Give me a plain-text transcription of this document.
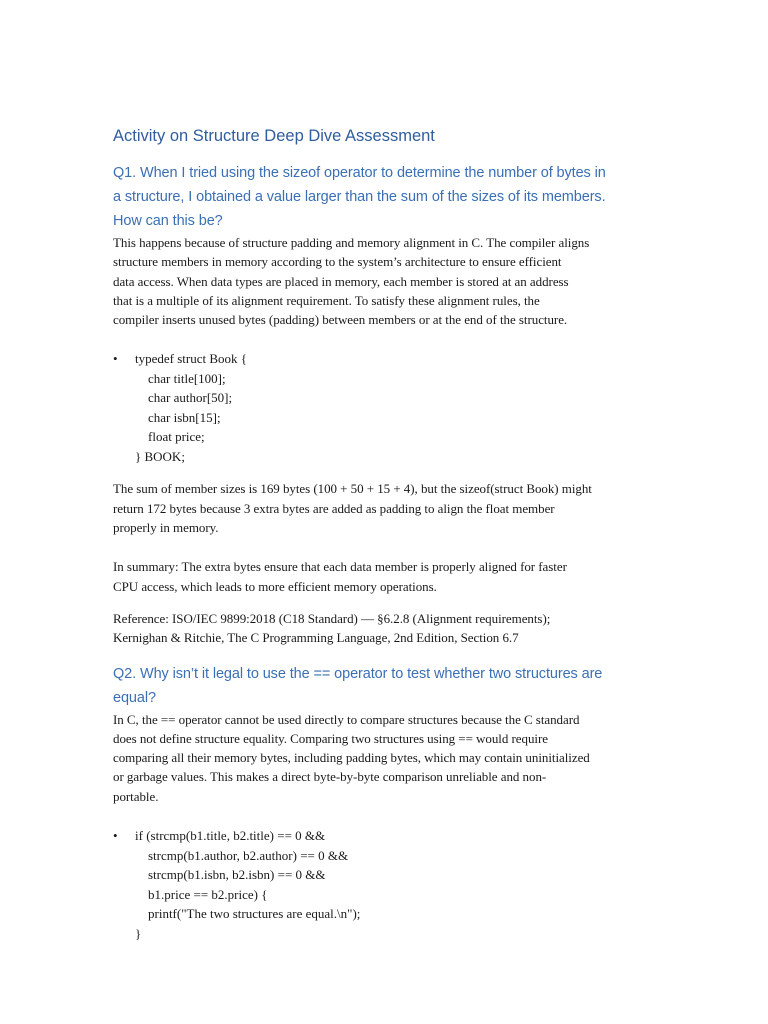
Activity on Structure Deep Dive Assessment
Q1. When I tried using the sizeof operator to determine the number of bytes in
a structure, I obtained a value larger than the sum of the sizes of its members.
How can this be?

This happens because of structure padding and memory alignment in C. The compiler aligns
structure members in memory according to the system’s architecture to ensure efficient
data access. When data types are placed in memory, each member is stored at an address
that is a multiple of its alignment requirement. To satisfy these alignment rules, the
compiler inserts unused bytes (padding) between members or at the end of the structure.

• typedef struct Book {
char title[100];
char author[50];
char isbn[15];
float price;
} BOOK;

The sum of member sizes is 169 bytes (100 + 50 + 15 + 4), but the sizeof(struct Book) might
return 172 bytes because 3 extra bytes are added as padding to align the float member
properly in memory.

In summary: The extra bytes ensure that each data member is properly aligned for faster
CPU access, which leads to more efficient memory operations.

Reference: ISO/IEC 9899:2018 (C18 Standard) — §6.2.8 (Alignment requirements);
Kernighan & Ritchie, The C Programming Language, 2nd Edition, Section 6.7

Q2. Why isn’t it legal to use the == operator to test whether two structures are
equal?

In C, the == operator cannot be used directly to compare structures because the C standard
does not define structure equality. Comparing two structures using == would require
comparing all their memory bytes, including padding bytes, which may contain uninitialized
or garbage values. This makes a direct byte-by-byte comparison unreliable and non-
portable.

• if (strcmp(b1.title, b2.title) == 0 &&
strcmp(b1.author, b2.author) == 0 &&
strcmp(b1.isbn, b2.isbn) == 0 &&
b1.price == b2.price) {
printf("The two structures are equal.\n");
}
